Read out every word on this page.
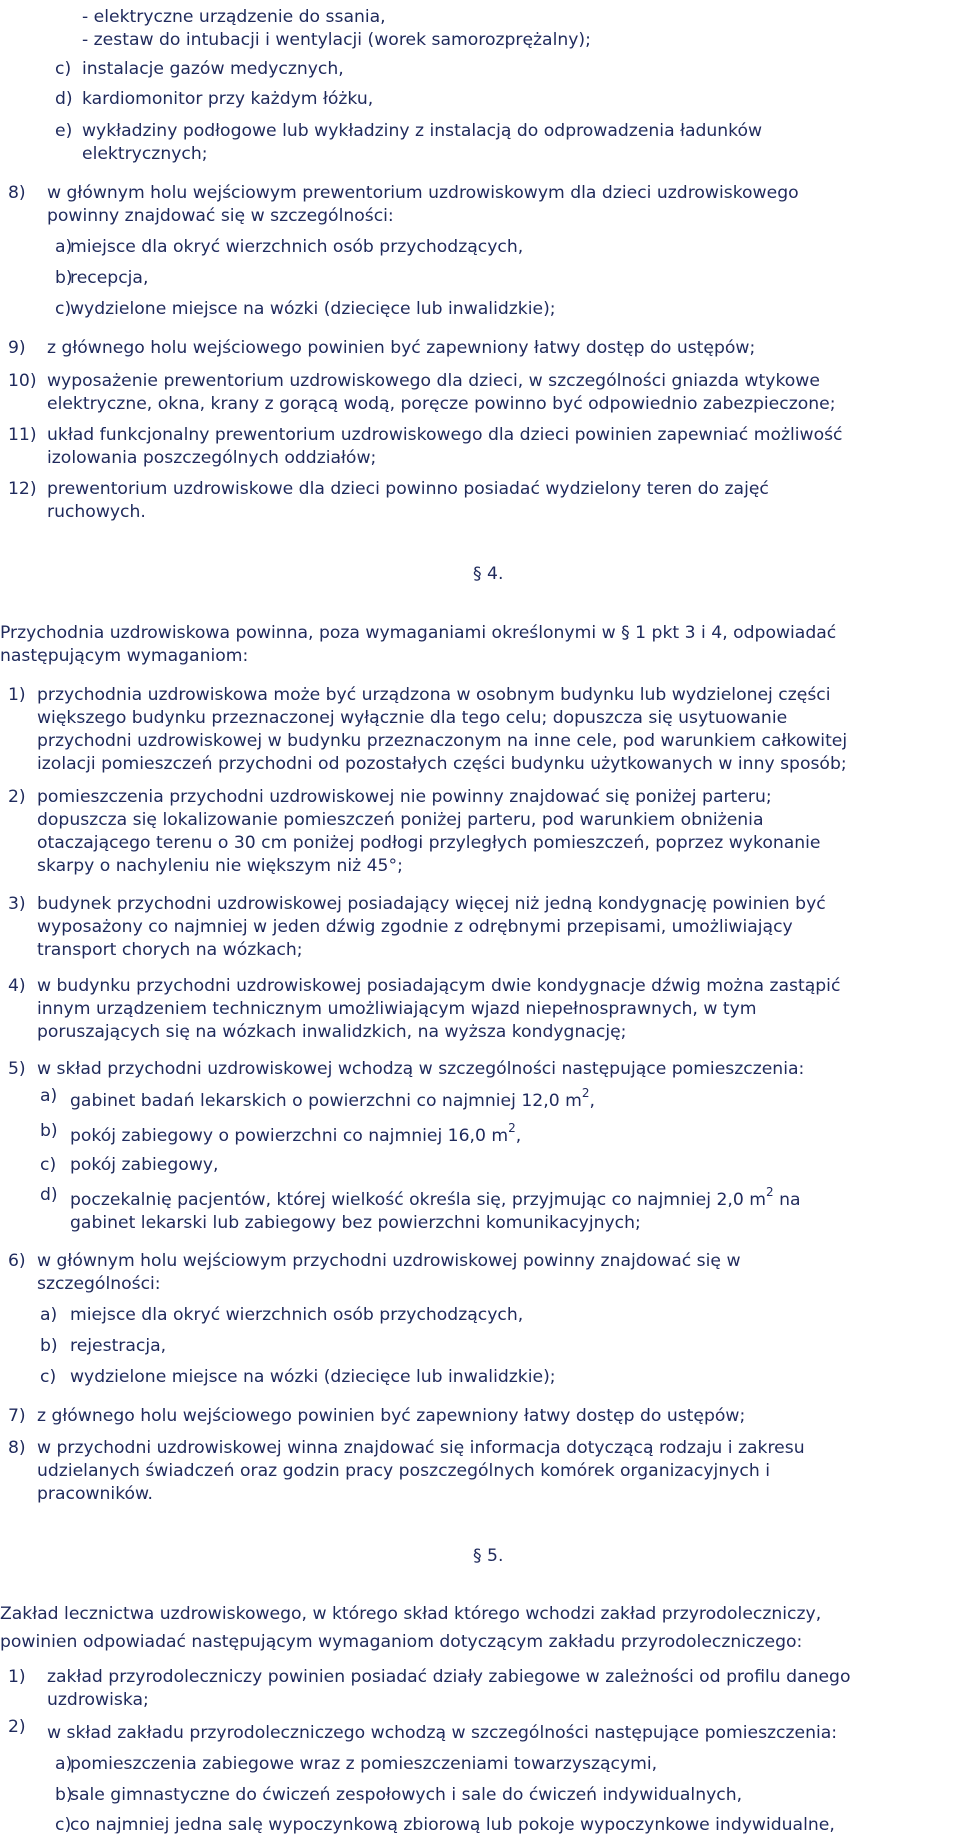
- elektryczne urządzenie do ssania,
- zestaw do intubacji i wentylacji (worek samorozprężalny);
c) instalacje gazów medycznych,
d) kardiomonitor przy każdym łóżku,
e) wykładziny podłogowe lub wykładziny z instalacją do odprowadzenia ładunków
elektrycznych;
8) w głównym holu wejściowym prewentorium uzdrowiskowym dla dzieci uzdrowiskowego
powinny znajdować się w szczególności:
a)
miejsce dla okryć wierzchnich osób przychodzących,
b)
recepcja,
c)
wydzielone miejsce na wózki (dziecięce lub inwalidzkie);
9) z głównego holu wejściowego powinien być zapewniony łatwy dostęp do ustępów;
10) wyposażenie prewentorium uzdrowiskowego dla dzieci, w szczególności gniazda wtykowe
elektryczne, okna, krany z gorącą wodą, poręcze powinno być odpowiednio zabezpieczone;
11) układ funkcjonalny prewentorium uzdrowiskowego dla dzieci powinien zapewniać możliwość
izolowania poszczególnych oddziałów;
12) prewentorium uzdrowiskowe dla dzieci powinno posiadać wydzielony teren do zajęć
ruchowych.
§ 4.
Przychodnia uzdrowiskowa powinna, poza wymaganiami określonymi w § 1 pkt 3 i 4, odpowiadać
następującym wymaganiom:
1) przychodnia uzdrowiskowa może być urządzona w osobnym budynku lub wydzielonej części
większego budynku przeznaczonej wyłącznie dla tego celu; dopuszcza się usytuowanie
przychodni uzdrowiskowej w budynku przeznaczonym na inne cele, pod warunkiem całkowitej
izolacji pomieszczeń przychodni od pozostałych części budynku użytkowanych w inny sposób;
2) pomieszczenia przychodni uzdrowiskowej nie powinny znajdować się poniżej parteru;
dopuszcza się lokalizowanie pomieszczeń poniżej parteru, pod warunkiem obniżenia
otaczającego terenu o 30 cm poniżej podłogi przyległych pomieszczeń, poprzez wykonanie
skarpy o nachyleniu nie większym niż 45°;
3) budynek przychodni uzdrowiskowej posiadający więcej niż jedną kondygnację powinien być
wyposażony co najmniej w jeden dźwig zgodnie z odrębnymi przepisami, umożliwiający
transport chorych na wózkach;
4) w budynku przychodni uzdrowiskowej posiadającym dwie kondygnacje dźwig można zastąpić
innym urządzeniem technicznym umożliwiającym wjazd niepełnosprawnych, w tym
poruszających się na wózkach inwalidzkich, na wyższa kondygnację;
5) w skład przychodni uzdrowiskowej wchodzą w szczególności następujące pomieszczenia:
a) gabinet badań lekarskich o powierzchni co najmniej 12,0 $m^2$,
b) pokój zabiegowy o powierzchni co najmniej 16,0 $m^2$,
c) pokój zabiegowy,
d) poczekalnię pacjentów, której wielkość określa się, przyjmując co najmniej 2,0 $m^2$ na
gabinet lekarski lub zabiegowy bez powierzchni komunikacyjnych;
6) w głównym holu wejściowym przychodni uzdrowiskowej powinny znajdować się w
szczególności:
a) miejsce dla okryć wierzchnich osób przychodzących,
b) rejestracja,
c) wydzielone miejsce na wózki (dziecięce lub inwalidzkie);
7) z głównego holu wejściowego powinien być zapewniony łatwy dostęp do ustępów;
8) w przychodni uzdrowiskowej winna znajdować się informacja dotyczącą rodzaju i zakresu
udzielanych świadczeń oraz godzin pracy poszczególnych komórek organizacyjnych i
pracowników.
§ 5.
Zakład lecznictwa uzdrowiskowego, w którego skład którego wchodzi zakład przyrodoleczniczy,
powinien odpowiadać następującym wymaganiom dotyczącym zakładu przyrodoleczniczego:
1) zakład przyrodoleczniczy powinien posiadać działy zabiegowe w zależności od profilu danego
uzdrowiska;
2) w skład zakładu przyrodoleczniczego wchodzą w szczególności następujące pomieszczenia:
a)
pomieszczenia zabiegowe wraz z pomieszczeniami towarzyszącymi,
b)
sale gimnastyczne do ćwiczeń zespołowych i sale do ćwiczeń indywidualnych,
c)
co najmniej jedna salę wypoczynkową zbiorową lub pokoje wypoczynkowe indywidualne,
